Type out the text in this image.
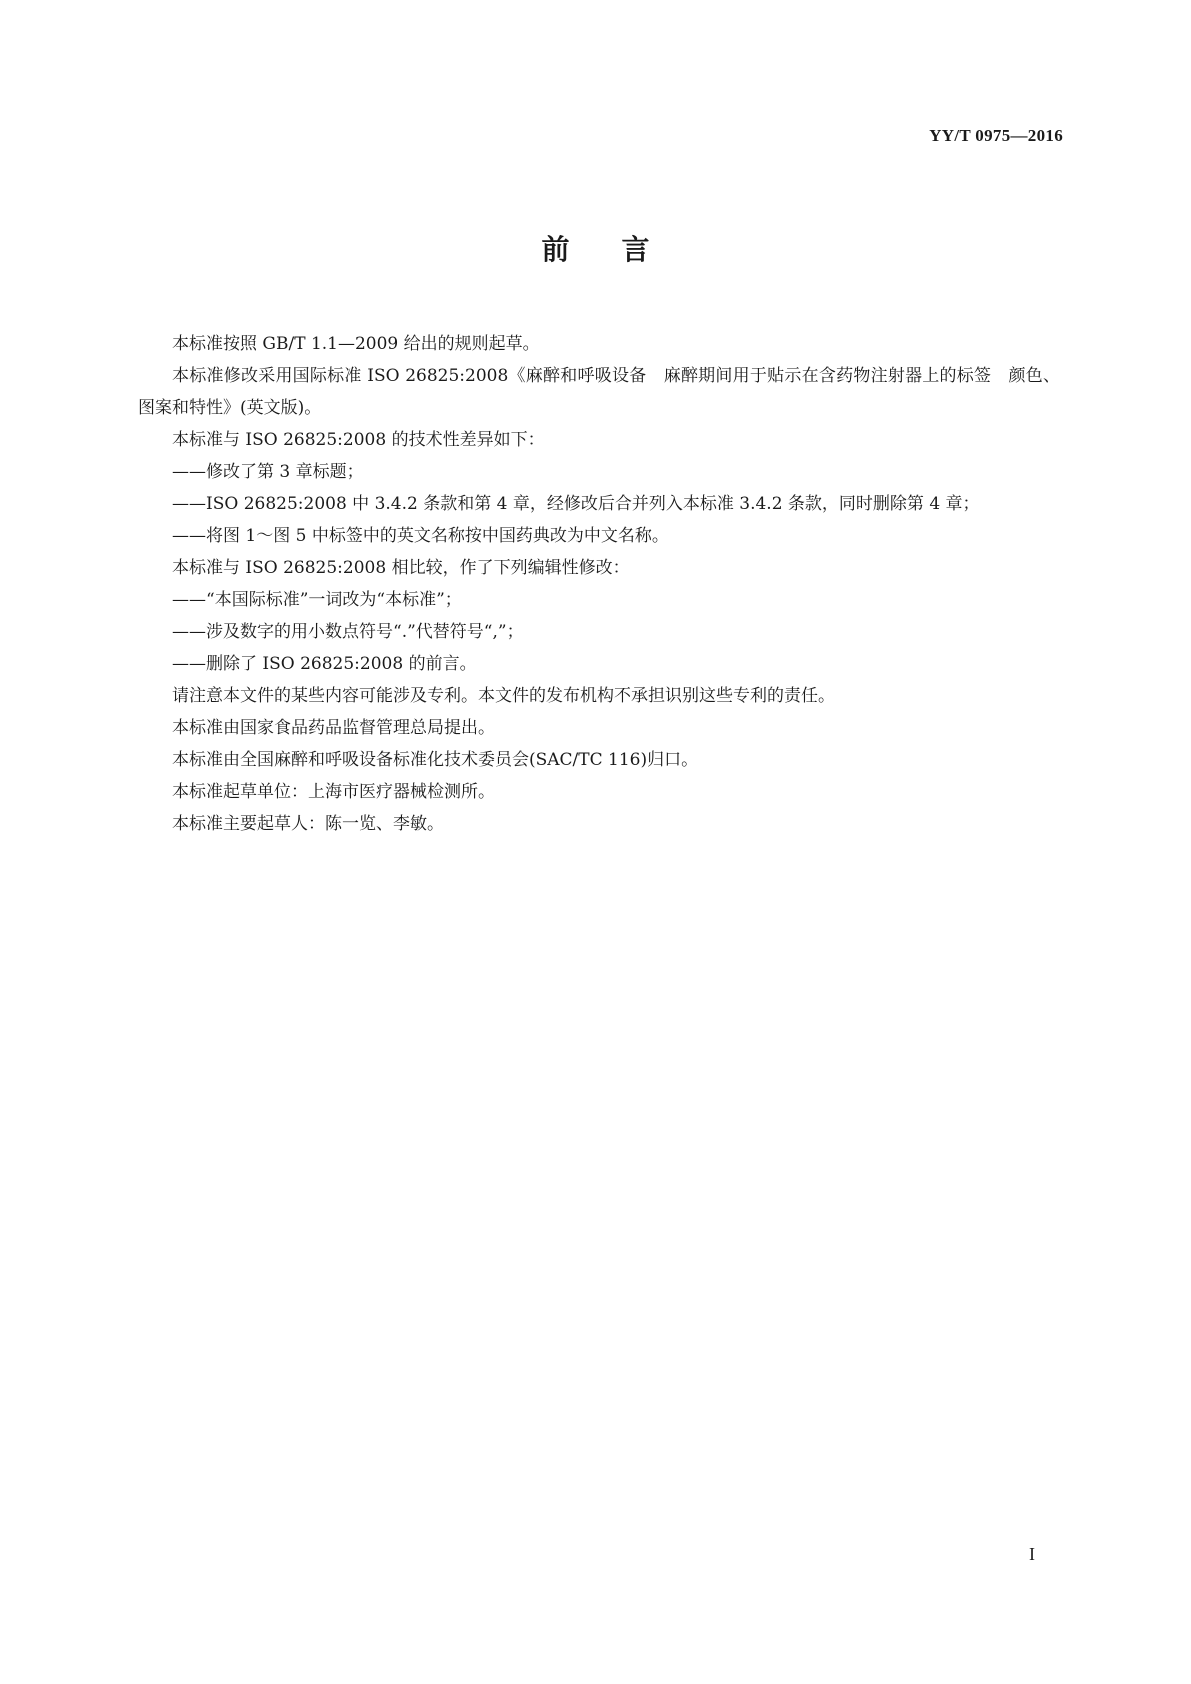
YY/T 0975—2016
前言

本标准按照 GB/T 1.1—2009 给出的规则起草。

本标准修改采用国际标准 ISO 26825:2008《麻醉和呼吸设备　麻醉期间用于贴示在含药物注射器上的标签　颜色、图案和特性》(英文版)。

本标准与 ISO 26825:2008 的技术性差异如下：

——修改了第 3 章标题；

——ISO 26825:2008 中 3.4.2 条款和第 4 章，经修改后合并列入本标准 3.4.2 条款，同时删除第 4 章；

——将图 1～图 5 中标签中的英文名称按中国药典改为中文名称。

本标准与 ISO 26825:2008 相比较，作了下列编辑性修改：

——“本国际标准”一词改为“本标准”；

——涉及数字的用小数点符号“.”代替符号“,”；

——删除了 ISO 26825:2008 的前言。

请注意本文件的某些内容可能涉及专利。本文件的发布机构不承担识别这些专利的责任。

本标准由国家食品药品监督管理总局提出。

本标准由全国麻醉和呼吸设备标准化技术委员会(SAC/TC 116)归口。

本标准起草单位：上海市医疗器械检测所。

本标准主要起草人：陈一览、李敏。

I
